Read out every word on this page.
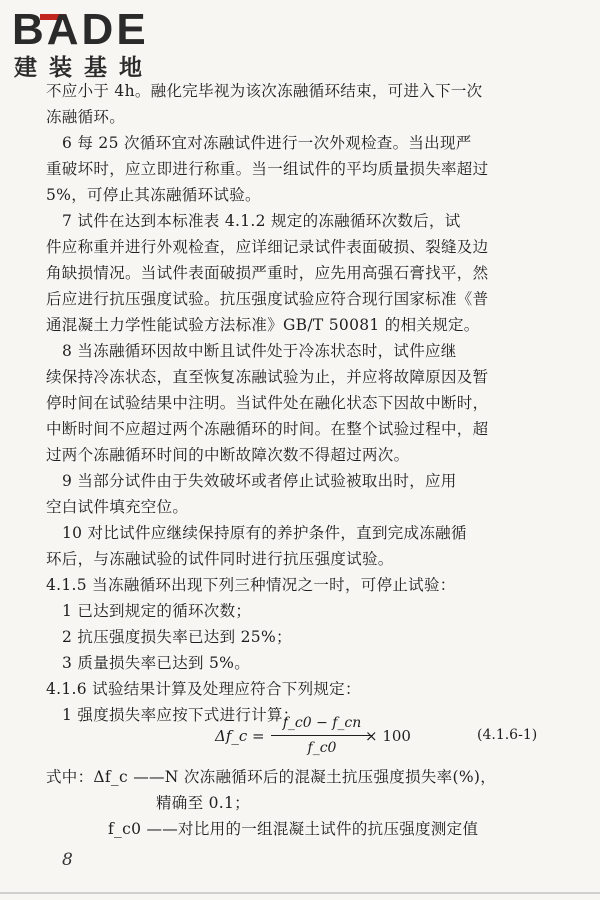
BADE
建装基地
不应小于 4h。融化完毕视为该次冻融循环结束，可进入下一次
冻融循环。
6 每 25 次循环宜对冻融试件进行一次外观检查。当出现严
重破坏时，应立即进行称重。当一组试件的平均质量损失率超过
5%，可停止其冻融循环试验。
7 试件在达到本标准表 4.1.2 规定的冻融循环次数后，试
件应称重并进行外观检查，应详细记录试件表面破损、裂缝及边
角缺损情况。当试件表面破损严重时，应先用高强石膏找平，然
后应进行抗压强度试验。抗压强度试验应符合现行国家标准《普
通混凝土力学性能试验方法标准》GB/T 50081 的相关规定。
8 当冻融循环因故中断且试件处于冷冻状态时，试件应继
续保持冷冻状态，直至恢复冻融试验为止，并应将故障原因及暂
停时间在试验结果中注明。当试件处在融化状态下因故中断时，
中断时间不应超过两个冻融循环的时间。在整个试验过程中，超
过两个冻融循环时间的中断故障次数不得超过两次。
9 当部分试件由于失效破坏或者停止试验被取出时，应用
空白试件填充空位。
10 对比试件应继续保持原有的养护条件，直到完成冻融循
环后，与冻融试验的试件同时进行抗压强度试验。
4.1.5 当冻融循环出现下列三种情况之一时，可停止试验：
1 已达到规定的循环次数；
2 抗压强度损失率已达到 25%；
3 质量损失率已达到 5%。
4.1.6 试验结果计算及处理应符合下列规定：
1 强度损失率应按下式进行计算：
Δf_c =
f_c0 − f_cn
f_c0
× 100	(4.1.6-1)
式中：Δf_c ——N 次冻融循环后的混凝土抗压强度损失率(%)，
精确至 0.1；
f_c0 ——对比用的一组混凝土试件的抗压强度测定值
8
